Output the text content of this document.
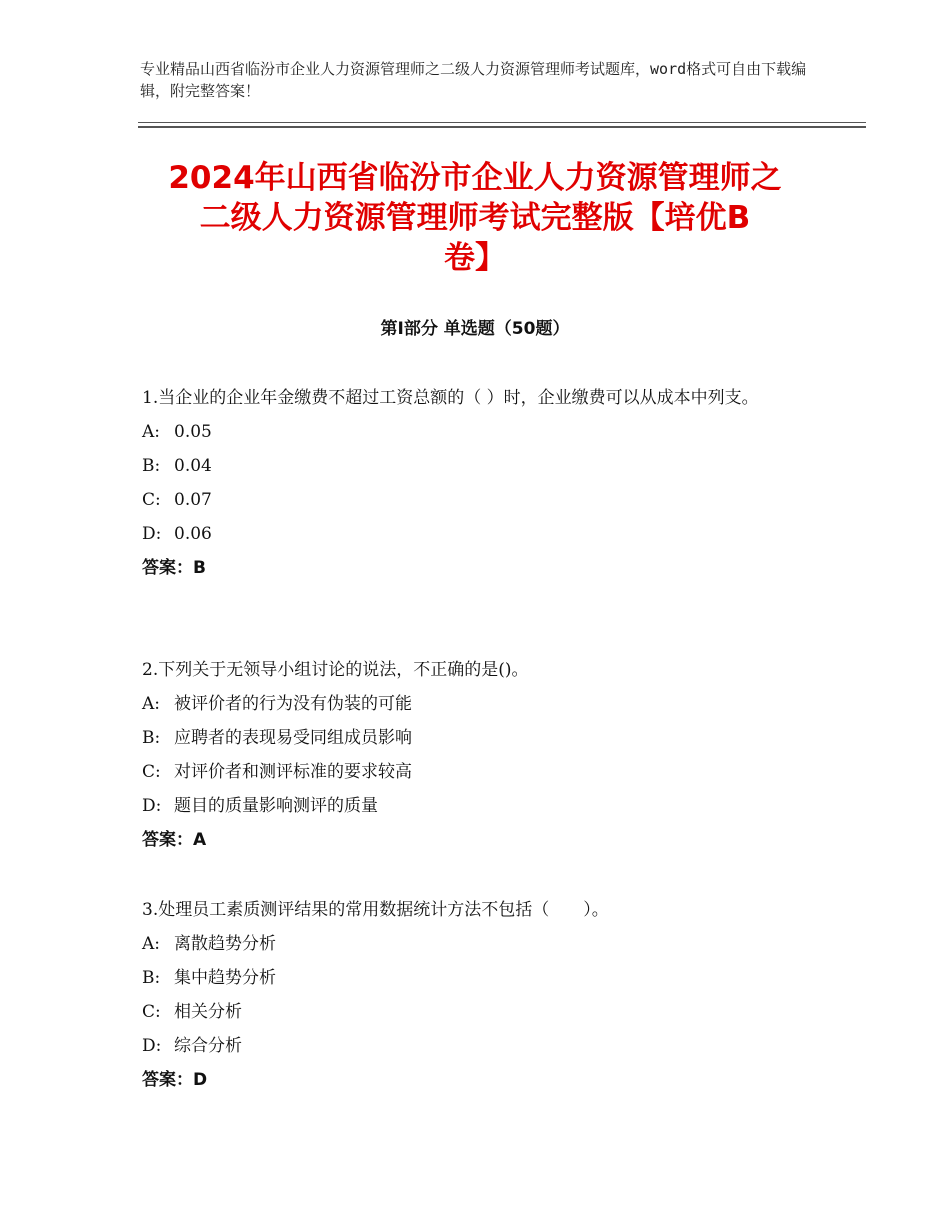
专业精品山西省临汾市企业人力资源管理师之二级人力资源管理师考试题库，word格式可自由下载编辑，附完整答案！
2024年山西省临汾市企业人力资源管理师之
二级人力资源管理师考试完整版【培优B
卷】
第Ⅰ部分 单选题（50题）

1.当企业的企业年金缴费不超过工资总额的（ ）时，企业缴费可以从成本中列支。

A: 0.05
B: 0.04
C: 0.07
D: 0.06
答案：B

2.下列关于无领导小组讨论的说法，不正确的是()。

A: 被评价者的行为没有伪装的可能
B: 应聘者的表现易受同组成员影响
C: 对评价者和测评标准的要求较高
D: 题目的质量影响测评的质量
答案：A

3.处理员工素质测评结果的常用数据统计方法不包括（　　）。

A: 离散趋势分析
B: 集中趋势分析
C: 相关分析
D: 综合分析
答案：D
